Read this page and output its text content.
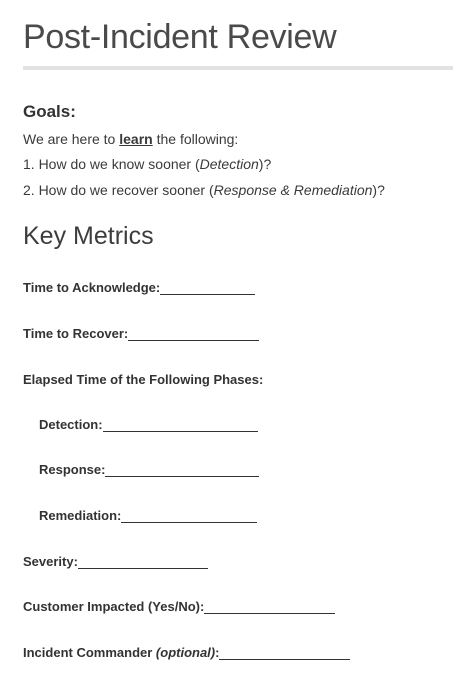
Post-Incident Review
Goals:
We are here to learn the following:
1. How do we know sooner (Detection)?
2. How do we recover sooner (Response & Remediation)?
Key Metrics
Time to Acknowledge:
Time to Recover:
Elapsed Time of the Following Phases:
Detection:
Response:
Remediation:
Severity:
Customer Impacted (Yes/No):
Incident Commander
(optional) :
